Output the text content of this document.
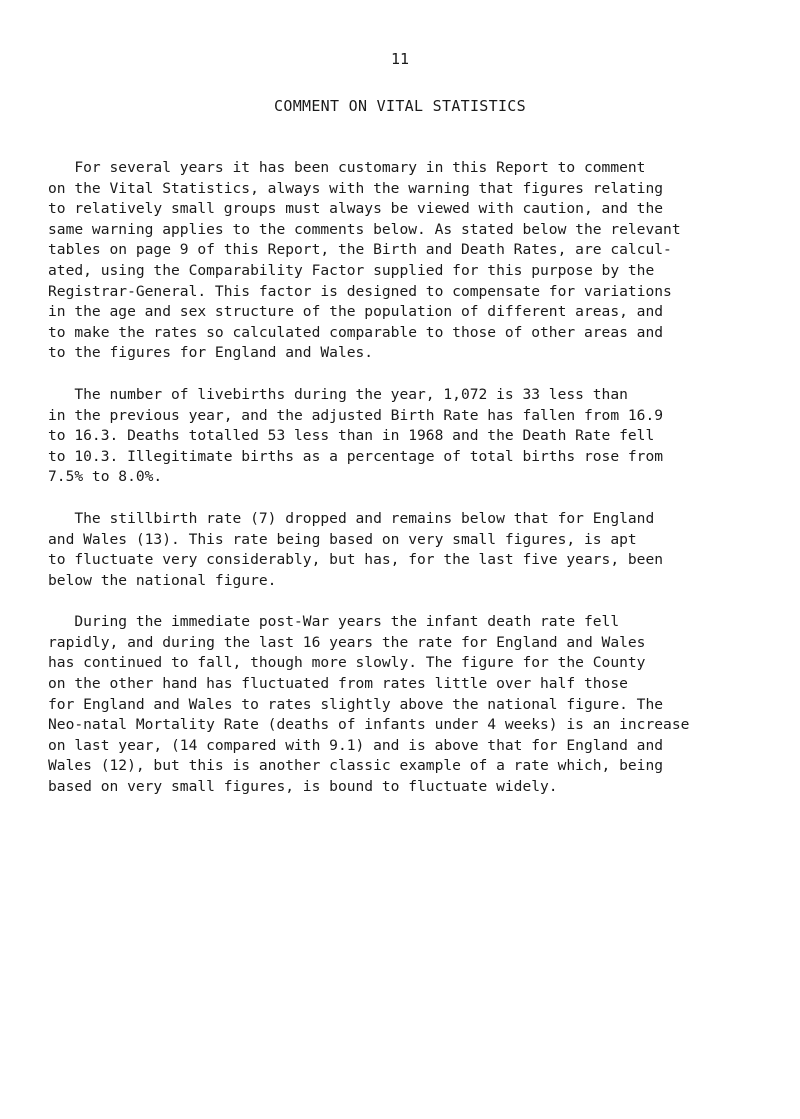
11
COMMENT ON VITAL STATISTICS
For several years it has been customary in this Report to comment
on the Vital Statistics, always with the warning that figures relating
to relatively small groups must always be viewed with caution, and the
same warning applies to the comments below. As stated below the relevant
tables on page 9 of this Report, the Birth and Death Rates, are calcul-
ated, using the Comparability Factor supplied for this purpose by the
Registrar-General. This factor is designed to compensate for variations
in the age and sex structure of the population of different areas, and
to make the rates so calculated comparable to those of other areas and
to the figures for England and Wales.
The number of livebirths during the year, 1,072 is 33 less than
in the previous year, and the adjusted Birth Rate has fallen from 16.9
to 16.3. Deaths totalled 53 less than in 1968 and the Death Rate fell
to 10.3. Illegitimate births as a percentage of total births rose from
7.5% to 8.0%.
The stillbirth rate (7) dropped and remains below that for England
and Wales (13). This rate being based on very small figures, is apt
to fluctuate very considerably, but has, for the last five years, been
below the national figure.
During the immediate post-War years the infant death rate fell
rapidly, and during the last 16 years the rate for England and Wales
has continued to fall, though more slowly. The figure for the County
on the other hand has fluctuated from rates little over half those
for England and Wales to rates slightly above the national figure. The
Neo-natal Mortality Rate (deaths of infants under 4 weeks) is an increase
on last year, (14 compared with 9.1) and is above that for England and
Wales (12), but this is another classic example of a rate which, being
based on very small figures, is bound to fluctuate widely.
